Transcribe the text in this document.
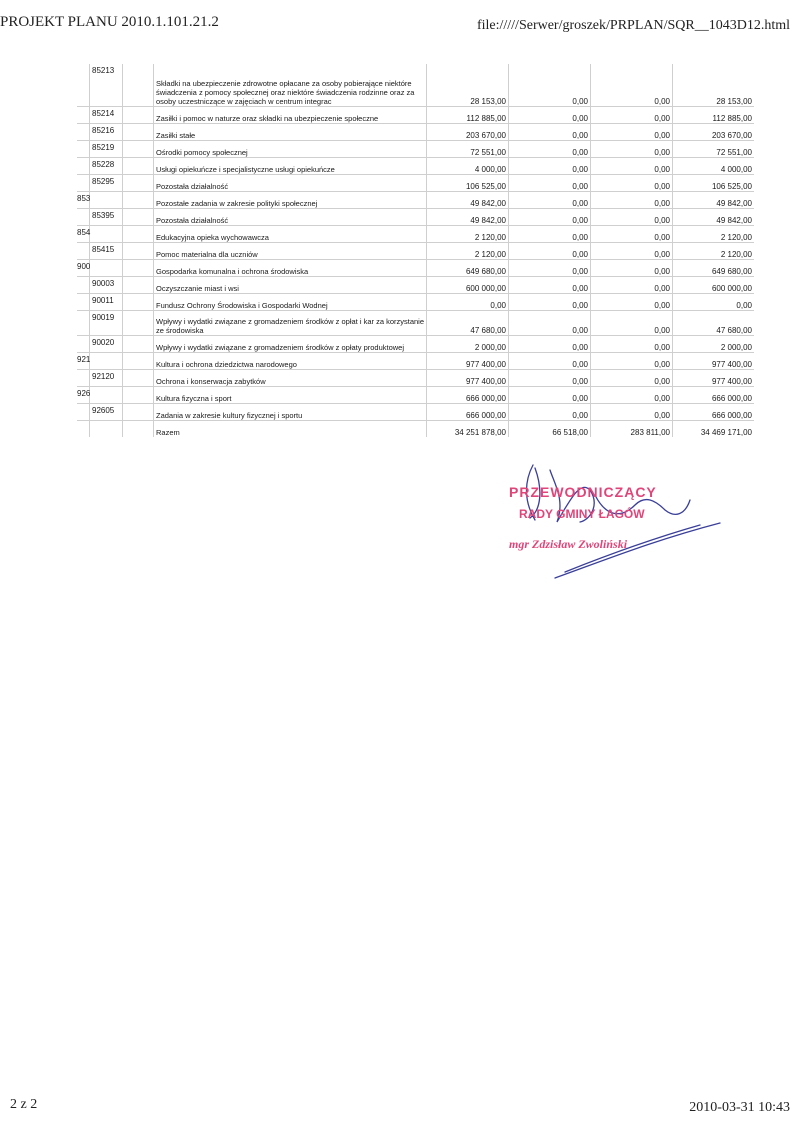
PROJEKT PLANU 2010.1.101.21.2	file://///Serwer/groszek/PRPLAN/SQR__1043D12.html
	85213		Składki na ubezpieczenie zdrowotne opłacane za osoby pobierające niektóre świadczenia z pomocy społecznej oraz niektóre świadczenia rodzinne oraz za osoby uczestniczące w zajęciach w centrum integrac	28 153,00	0,00	0,00	28 153,00
	85214		Zasiłki i pomoc w naturze oraz składki na ubezpieczenie społeczne	112 885,00	0,00	0,00	112 885,00
	85216		Zasiłki stałe	203 670,00	0,00	0,00	203 670,00
	85219		Ośrodki pomocy społecznej	72 551,00	0,00	0,00	72 551,00
	85228		Usługi opiekuńcze i specjalistyczne usługi opiekuńcze	4 000,00	0,00	0,00	4 000,00
	85295		Pozostała działalność	106 525,00	0,00	0,00	106 525,00
853			Pozostałe zadania w zakresie polityki społecznej	49 842,00	0,00	0,00	49 842,00
	85395		Pozostała działalność	49 842,00	0,00	0,00	49 842,00
854			Edukacyjna opieka wychowawcza	2 120,00	0,00	0,00	2 120,00
	85415		Pomoc materialna dla uczniów	2 120,00	0,00	0,00	2 120,00
900			Gospodarka komunalna i ochrona środowiska	649 680,00	0,00	0,00	649 680,00
	90003		Oczyszczanie miast i wsi	600 000,00	0,00	0,00	600 000,00
	90011		Fundusz Ochrony Środowiska i Gospodarki Wodnej	0,00	0,00	0,00	0,00
	90019		Wpływy i wydatki związane z gromadzeniem środków z opłat i kar za korzystanie ze środowiska	47 680,00	0,00	0,00	47 680,00
	90020		Wpływy i wydatki związane z gromadzeniem środków z opłaty produktowej	2 000,00	0,00	0,00	2 000,00
921			Kultura i ochrona dziedzictwa narodowego	977 400,00	0,00	0,00	977 400,00
	92120		Ochrona i konserwacja zabytków	977 400,00	0,00	0,00	977 400,00
926			Kultura fizyczna i sport	666 000,00	0,00	0,00	666 000,00
	92605		Zadania w zakresie kultury fizycznej i sportu	666 000,00	0,00	0,00	666 000,00
			Razem	34 251 878,00	66 518,00	283 811,00	34 469 171,00
PRZEWODNICZĄCY
RADY GMINY ŁAGÓW
mgr Zdzisław Zwoliński
2 z 2	2010-03-31 10:43
